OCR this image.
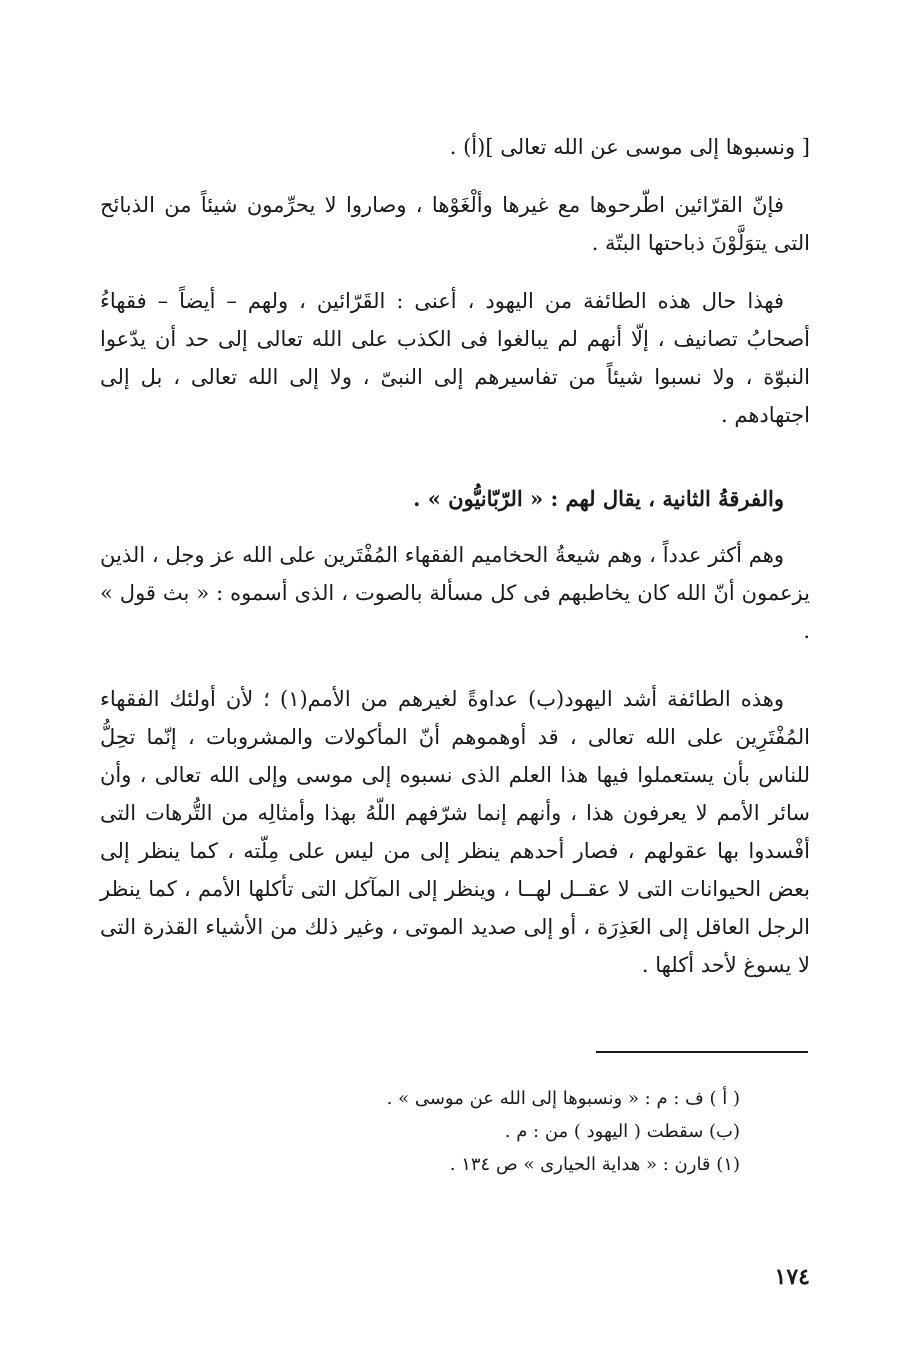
[ ونسبوها إلى موسى عن الله تعالى ](أ) .

فإنّ القرّائين اطّرحوها مع غيرها وألْغَوْها ، وصاروا لا يحرِّمون شيئاً من الذبائح التى يتوَلَّوْنَ ذباحتها البتّة .

فهذا حال هذه الطائفة من اليهود ، أعنى : القَرّائين ، ولهم – أيضاً – فقهاءُ أصحابُ تصانيف ، إلّا أنهم لم يبالغوا فى الكذب على الله تعالى إلى حد أن يدّعوا النبوّة ، ولا نسبوا شيئاً من تفاسيرهم إلى النبىّ ، ولا إلى الله تعالى ، بل إلى اجتهادهم .

والفرقةُ الثانية ، يقال لهم : « الرّبّانيُّون » .

وهم أكثر عدداً ، وهم شيعةُ الحخاميم الفقهاء المُفْتَرين على الله عز وجل ، الذين يزعمون أنّ الله كان يخاطبهم فى كل مسألة بالصوت ، الذى أسموه : « بث قول » .

وهذه الطائفة أشد اليهود(ب) عداوةً لغيرهم من الأمم(١) ؛ لأن أولئك الفقهاء المُفْتَرِين على الله تعالى ، قد أوهموهم أنّ المأكولات والمشروبات ، إنّما تحِلُّ للناس بأن يستعملوا فيها هذا العلم الذى نسبوه إلى موسى وإلى الله تعالى ، وأن سائر الأمم لا يعرفون هذا ، وأنهم إنما شرّفهم اللّهُ بهذا وأمثالِه من التُّرهات التى أفْسدوا بها عقولهم ، فصار أحدهم ينظر إلى من ليس على مِلّته ، كما ينظر إلى بعض الحيوانات التى لا عقــل لهــا ، وينظر إلى المآكل التى تأكلها الأمم ، كما ينظر الرجل العاقل إلى العَذِرَة ، أو إلى صديد الموتى ، وغير ذلك من الأشياء القذرة التى لا يسوغ لأحد أكلها .

( أ ) ف : م : « ونسبوها إلى الله عن موسى » .

(ب) سقطت ( اليهود ) من : م .

(١) قارن : « هداية الحيارى » ص ١٣٤ .

١٧٤
